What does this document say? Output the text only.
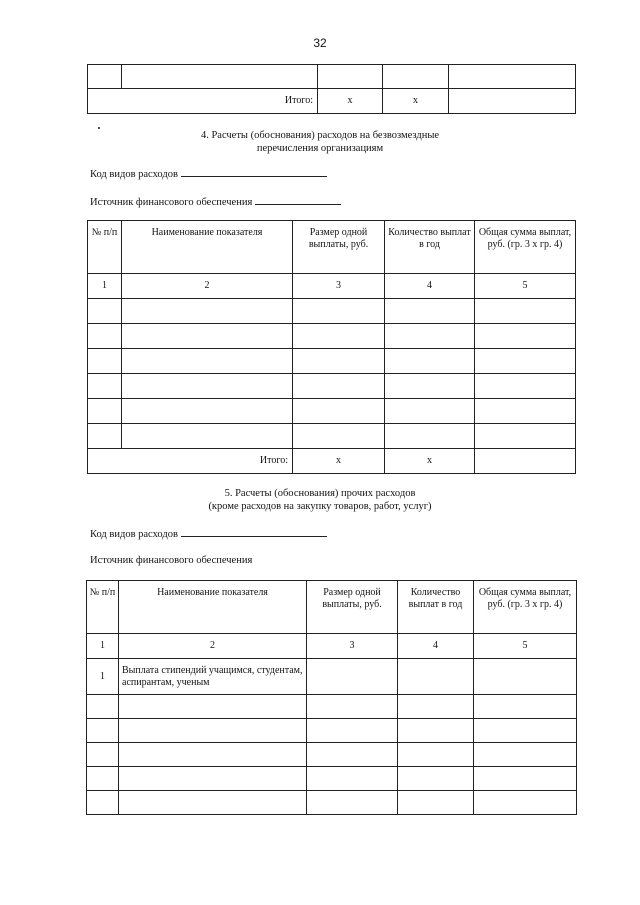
32

Итого:		x	x	
4. Расчеты (обоснования) расходов на безвозмездные
перечисления организациям
Код видов расходов
Источник финансового обеспечения
№ п/п	Наименование показателя	Размер одной выплаты, руб.	Количество выплат в год	Общая сумма выплат, руб. (гр. 3 х гр. 4)
1	2	3	4	5

Итого:		x	x	
5. Расчеты (обоснования) прочих расходов
(кроме расходов на закупку товаров, работ, услуг)
Код видов расходов
Источник финансового обеспечения
№ п/п	Наименование показателя	Размер одной выплаты, руб.	Количество выплат в год	Общая сумма выплат, руб. (гр. 3 х гр. 4)
1	2	3	4	5
1	Выплата стипендий учащимся, студентам, аспирантам, ученым			
